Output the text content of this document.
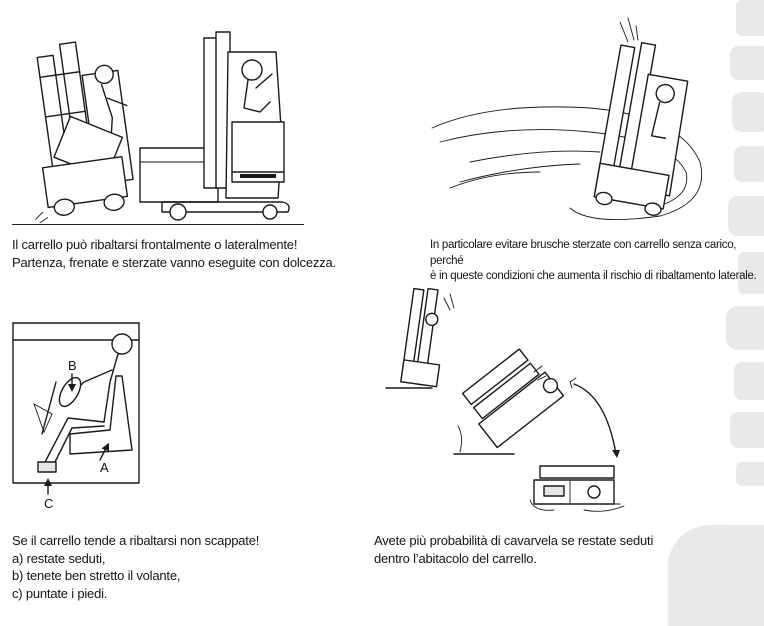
Il carrello può ribaltarsi frontalmente o lateralmente!
Partenza, frenate e sterzate vanno eseguite con dolcezza.
In particolare evitare brusche sterzate con carrello senza carico, perché
è in queste condizioni che aumenta il rischio di ribaltamento laterale.
B
A
C
Se il carrello tende a ribaltarsi non scappate!
a) restate seduti,
b) tenete ben stretto il volante,
c) puntate i piedi.
Avete più probabilità di cavarvela se restate seduti
dentro l’abitacolo del carrello.
